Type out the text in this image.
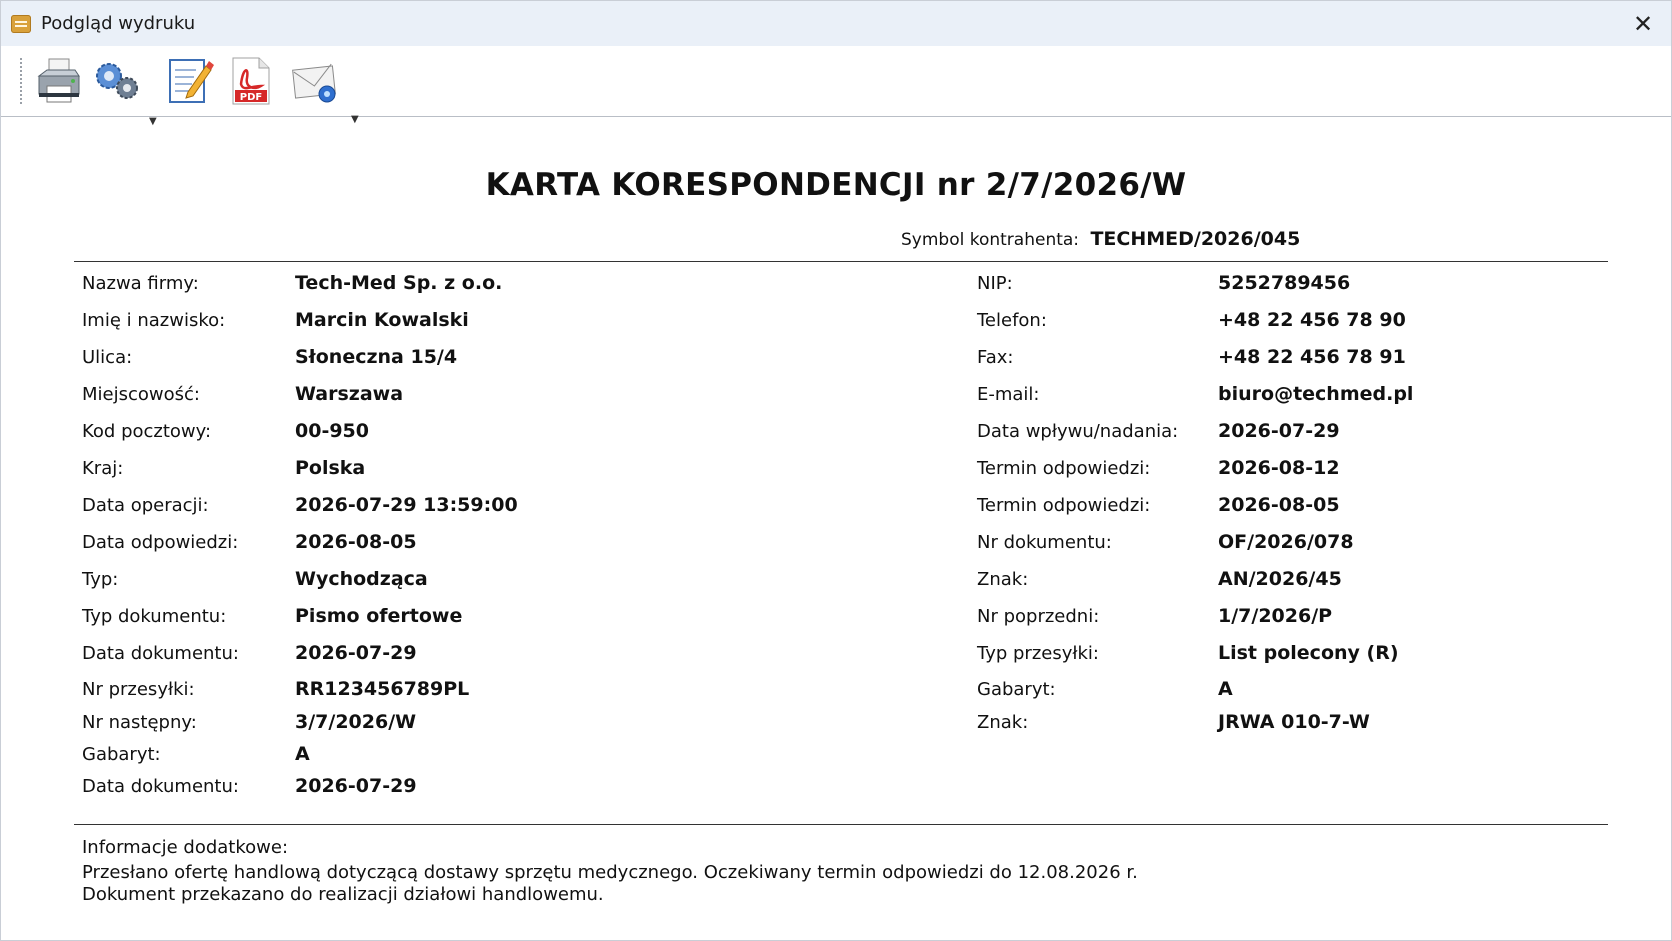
Podgląd wydruku	✕
▼
PDF
▼
KARTA KORESPONDENCJI nr 2/7/2026/W
Symbol kontrahenta: TECHMED/2026/045
Nazwa firmy:	Tech-Med Sp. z o.o.
Imię i nazwisko:	Marcin Kowalski
Ulica:	Słoneczna 15/4
Miejscowość:	Warszawa
Kod pocztowy:	00-950
Kraj:	Polska
Data operacji:	2026-07-29 13:59:00
Data odpowiedzi:	2026-08-05
Typ:	Wychodząca
Typ dokumentu:	Pismo ofertowe
Data dokumentu:	2026-07-29
Nr przesyłki:	RR123456789PL
Nr następny:	3/7/2026/W
Gabaryt:	A
Data dokumentu:	2026-07-29
NIP:	5252789456
Telefon:	+48 22 456 78 90
Fax:	+48 22 456 78 91
E-mail:	biuro@techmed.pl
Data wpływu/nadania: 2026-07-29
Termin odpowiedzi:	2026-08-12
Termin odpowiedzi:	2026-08-05
Nr dokumentu:	OF/2026/078
Znak:	AN/2026/45
Nr poprzedni:	1/7/2026/P
Typ przesyłki:	List polecony (R)
Gabaryt:	A
Znak:	JRWA 010-7-W
Informacje dodatkowe:
Przesłano ofertę handlową dotyczącą dostawy sprzętu medycznego. Oczekiwany termin odpowiedzi do 12.08.2026 r.
Dokument przekazano do realizacji działowi handlowemu.
